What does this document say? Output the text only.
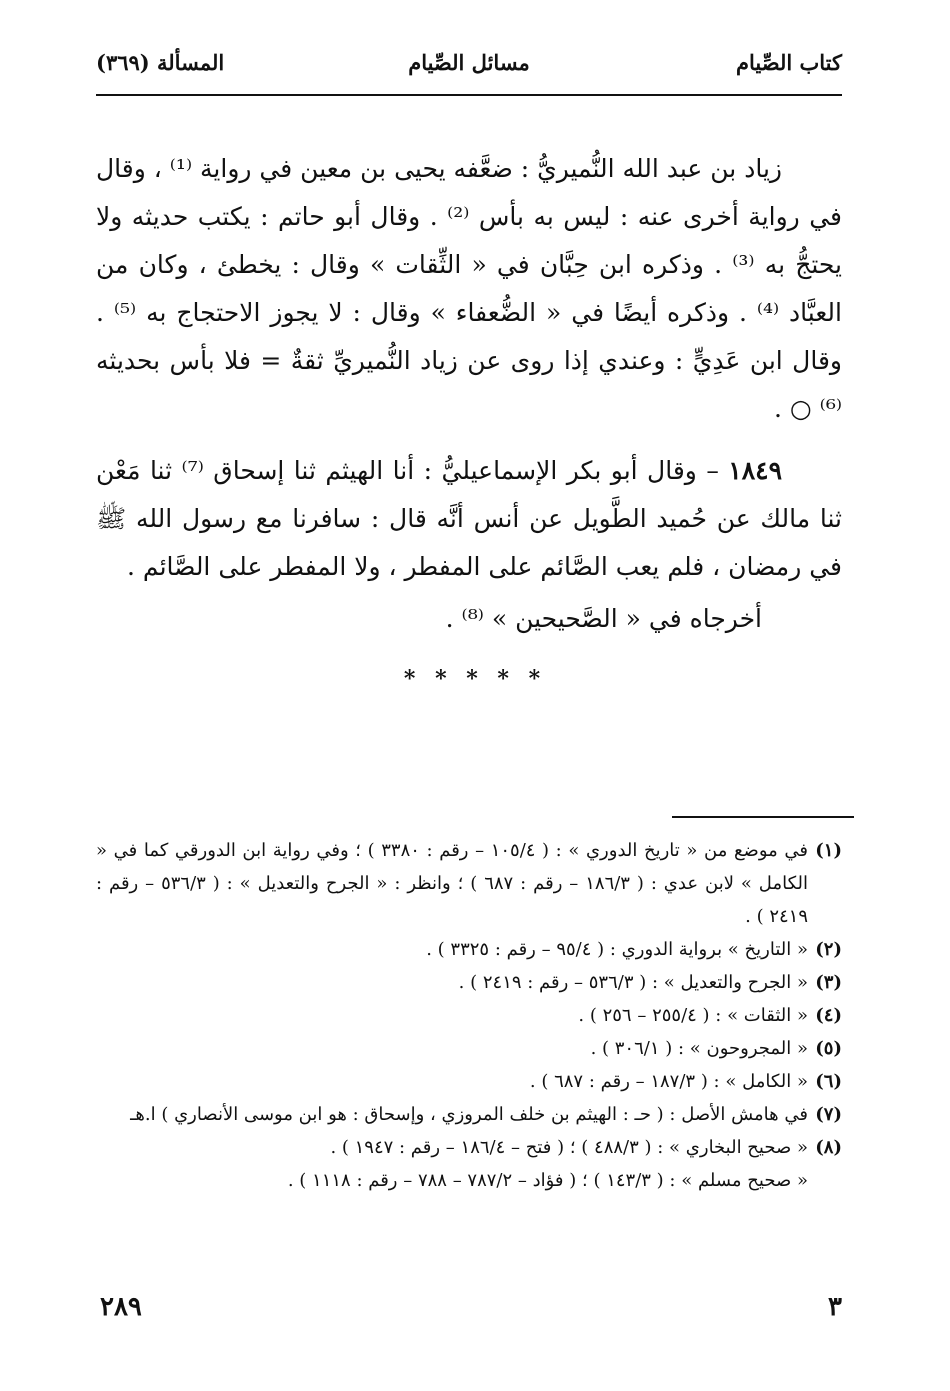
كتاب الصِّيام
مسائل الصِّيام
المسألة (٣٦٩)

زياد بن عبد الله النُّميريُّ : ضعَّفه يحيى بن معين في رواية ⁽¹⁾ ، وقال في رواية أخرى عنه : ليس به بأس ⁽²⁾ . وقال أبو حاتم : يكتب حديثه ولا يحتجُّ به ⁽³⁾ . وذكره ابن حِبَّان في « الثِّقات » وقال : يخطئ ، وكان من العبَّاد ⁽⁴⁾ . وذكره أيضًا في « الضُّعفاء » وقال : لا يجوز الاحتجاج به ⁽⁵⁾ . وقال ابن عَدِيٍّ : وعندي إذا روى عن زياد النُّميريِّ ثقةٌ = فلا بأس بحديثه ⁽⁶⁾ ○ .

١٨٤٩ – وقال أبو بكر الإسماعيليُّ : أنا الهيثم ثنا إسحاق ⁽⁷⁾ ثنا مَعْن ثنا مالك عن حُميد الطَّويل عن أنس أنَّه قال : سافرنا مع رسول الله ﷺ في رمضان ، فلم يعب الصَّائم على المفطر ، ولا المفطر على الصَّائم .

أخرجاه في « الصَّحيحين » ⁽⁸⁾ .

* * * * *
(١)
في موضع من « تاريخ الدوري » : ( ١٠٥/٤ – رقم : ٣٣٨٠ ) ؛ وفي رواية ابن الدورقي كما في « الكامل » لابن عدي : ( ١٨٦/٣ – رقم : ٦٨٧ ) ؛ وانظر : « الجرح والتعديل » : ( ٥٣٦/٣ – رقم : ٢٤١٩ ) .
(٢)
« التاريخ » برواية الدوري : ( ٩٥/٤ – رقم : ٣٣٢٥ ) .
(٣)
« الجرح والتعديل » : ( ٥٣٦/٣ – رقم : ٢٤١٩ ) .
(٤)
« الثقات » : ( ٢٥٥/٤ – ٢٥٦ ) .
(٥)
« المجروحون » : ( ٣٠٦/١ ) .
(٦)
« الكامل » : ( ١٨٧/٣ – رقم : ٦٨٧ ) .
(٧)
في هامش الأصل : ( حـ : الهيثم بن خلف المروزي ، وإسحاق : هو ابن موسى الأنصاري ) ا.هـ
(٨)
« صحيح البخاري » : ( ٤٨٨/٣ ) ؛ ( فتح – ١٨٦/٤ – رقم : ١٩٤٧ ) .
« صحيح مسلم » : ( ١٤٣/٣ ) ؛ ( فؤاد – ٧٨٧/٢ – ٧٨٨ – رقم : ١١١٨ ) .
٣
٢٨٩
